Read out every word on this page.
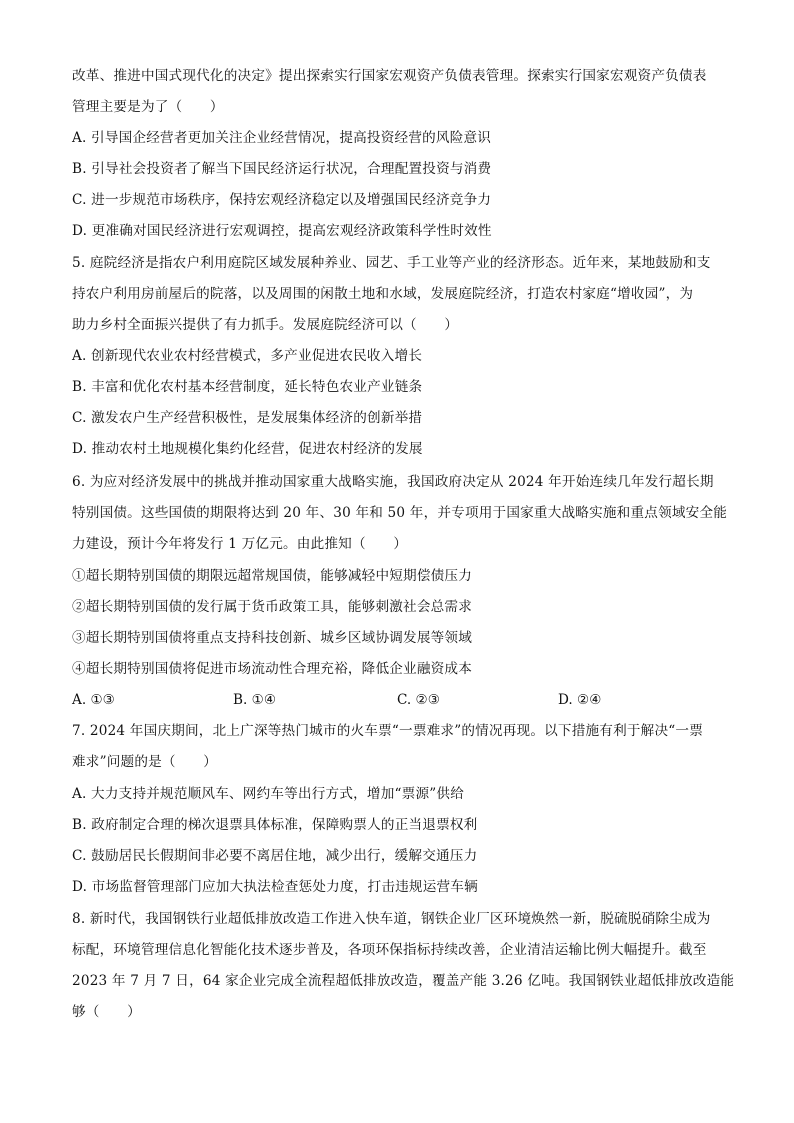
改革、推进中国式现代化的决定》提出探索实行国家宏观资产负债表管理。探索实行国家宏观资产负债表
管理主要是为了（　　）
A. 引导国企经营者更加关注企业经营情况，提高投资经营的风险意识
B. 引导社会投资者了解当下国民经济运行状况，合理配置投资与消费
C. 进一步规范市场秩序，保持宏观经济稳定以及增强国民经济竞争力
D. 更准确对国民经济进行宏观调控，提高宏观经济政策科学性时效性
5. 庭院经济是指农户利用庭院区域发展种养业、园艺、手工业等产业的经济形态。近年来，某地鼓励和支
持农户利用房前屋后的院落，以及周围的闲散土地和水域，发展庭院经济，打造农村家庭“增收园”，为
助力乡村全面振兴提供了有力抓手。发展庭院经济可以（　　）
A. 创新现代农业农村经营模式，多产业促进农民收入增长
B. 丰富和优化农村基本经营制度，延长特色农业产业链条
C. 激发农户生产经营积极性，是发展集体经济的创新举措
D. 推动农村土地规模化集约化经营，促进农村经济的发展
6. 为应对经济发展中的挑战并推动国家重大战略实施，我国政府决定从 2024 年开始连续几年发行超长期
特别国债。这些国债的期限将达到 20 年、30 年和 50 年，并专项用于国家重大战略实施和重点领域安全能
力建设，预计今年将发行 1 万亿元。由此推知（　　）
①超长期特别国债的期限远超常规国债，能够减轻中短期偿债压力
②超长期特别国债的发行属于货币政策工具，能够刺激社会总需求
③超长期特别国债将重点支持科技创新、城乡区域协调发展等领域
④超长期特别国债将促进市场流动性合理充裕，降低企业融资成本
A. ①③	B. ①④	C. ②③	D. ②④
7. 2024 年国庆期间，北上广深等热门城市的火车票“一票难求”的情况再现。以下措施有利于解决“一票
难求”问题的是（　　）
A. 大力支持并规范顺风车、网约车等出行方式，增加“票源”供给
B. 政府制定合理的梯次退票具体标准，保障购票人的正当退票权利
C. 鼓励居民长假期间非必要不离居住地，减少出行，缓解交通压力
D. 市场监督管理部门应加大执法检查惩处力度，打击违规运营车辆
8. 新时代，我国钢铁行业超低排放改造工作进入快车道，钢铁企业厂区环境焕然一新，脱硫脱硝除尘成为
标配，环境管理信息化智能化技术逐步普及，各项环保指标持续改善，企业清洁运输比例大幅提升。截至
2023 年 7 月 7 日，64 家企业完成全流程超低排放改造，覆盖产能 3.26 亿吨。我国钢铁业超低排放改造能
够（　　）
